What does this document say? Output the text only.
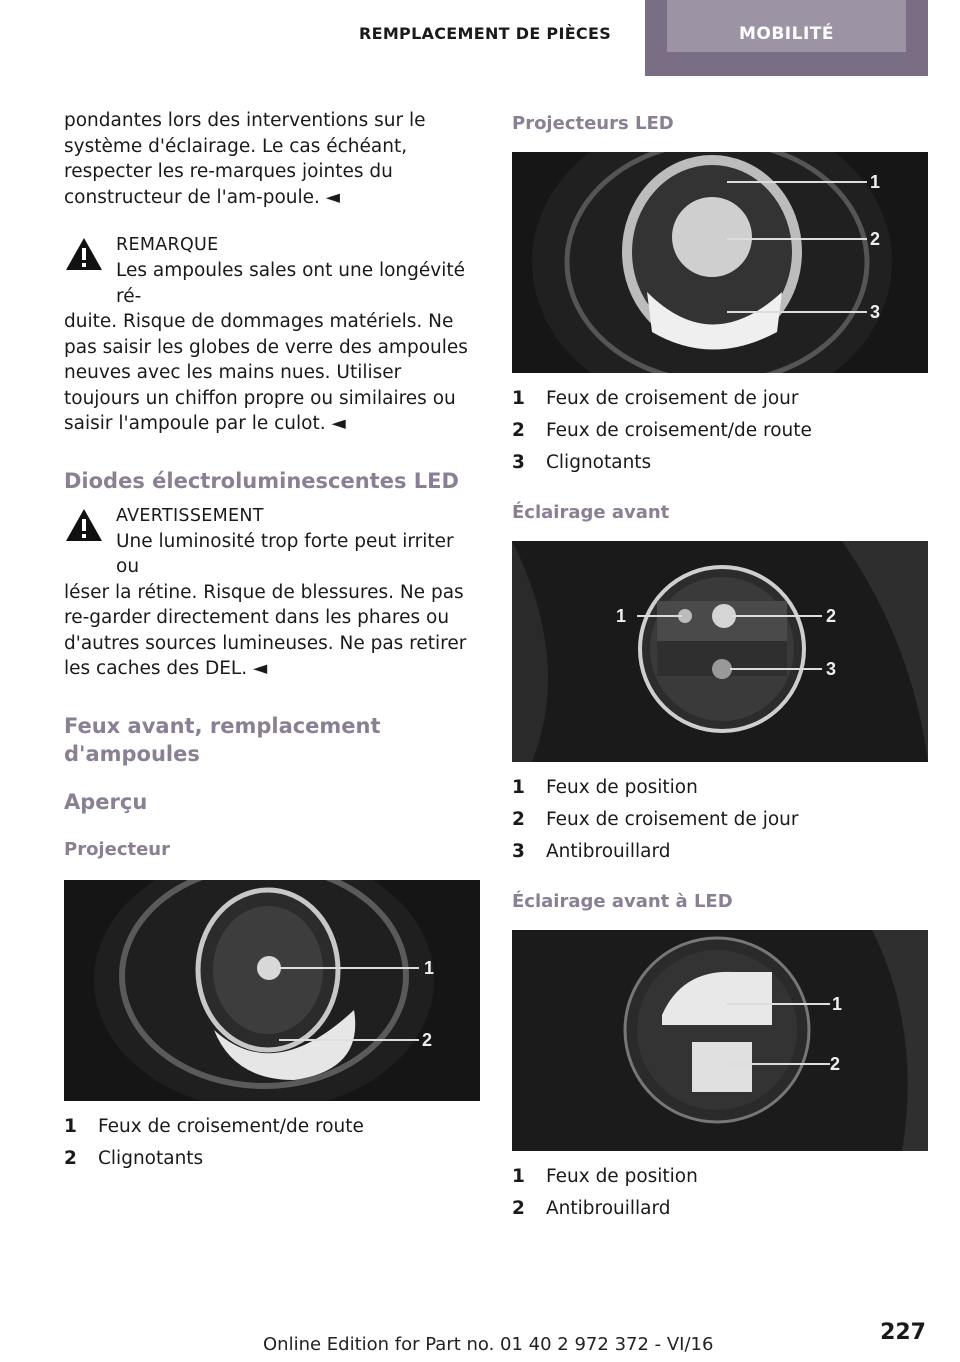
REMPLACEMENT DE PIÈCES	MOBILITÉ

pondantes lors des interventions sur le système d'éclairage. Le cas échéant, respecter les re-marques jointes du constructeur de l'am-poule. ◄

REMARQUE

Les ampoules sales ont une longévité ré-

duite. Risque de dommages matériels. Ne pas saisir les globes de verre des ampoules neuves avec les mains nues. Utiliser toujours un chiffon propre ou similaires ou saisir l'ampoule par le culot. ◄

Diodes électroluminescentes LED

AVERTISSEMENT

Une luminosité trop forte peut irriter ou

léser la rétine. Risque de blessures. Ne pas re-garder directement dans les phares ou d'autres sources lumineuses. Ne pas retirer les caches des DEL. ◄

Feux avant, remplacement d'ampoules
Aperçu
Projecteur
1
2
1	Feux de croisement/de route
2	Clignotants
Projecteurs LED
1
2
3
1	Feux de croisement de jour
2	Feux de croisement/de route
3	Clignotants
Éclairage avant
1	2
3
1	Feux de position
2	Feux de croisement de jour
3	Antibrouillard
Éclairage avant à LED
1
2
1	Feux de position
2	Antibrouillard
227
Online Edition for Part no. 01 40 2 972 372 - VI/16
